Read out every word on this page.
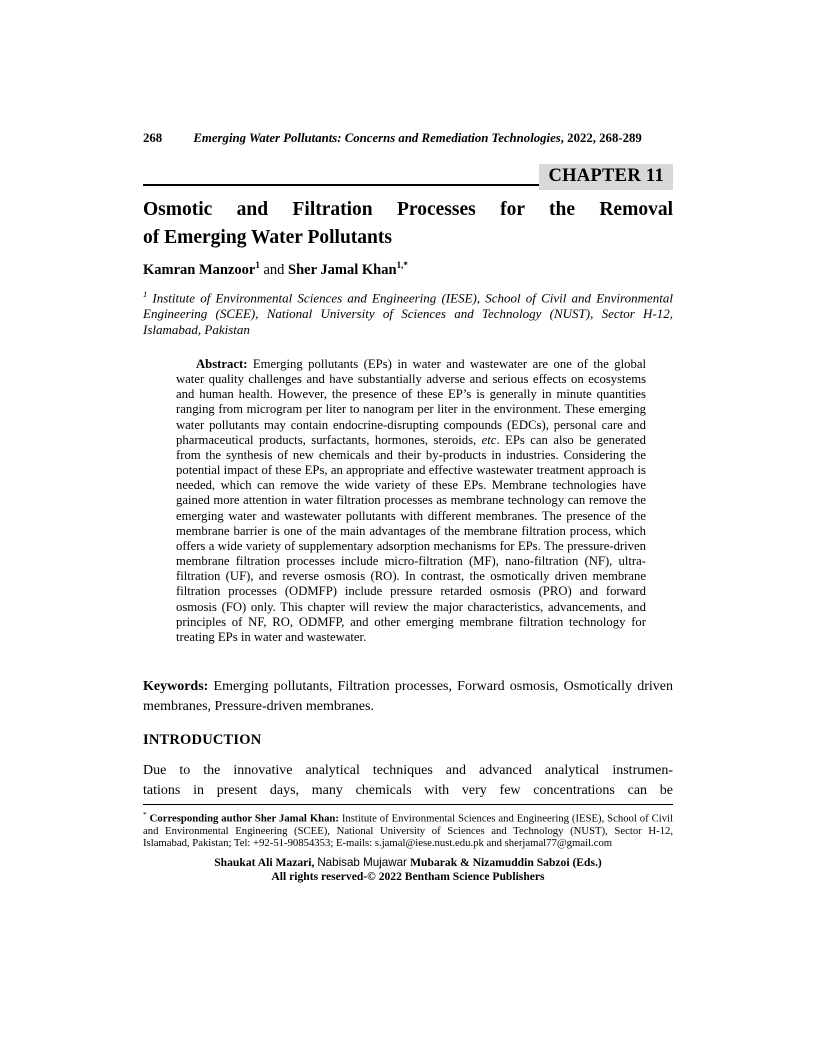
268	Emerging Water Pollutants: Concerns and Remediation Technologies, 2022, 268-289
CHAPTER 11
Osmotic and Filtration Processes for the Removal
of Emerging Water Pollutants
Kamran Manzoor$^1$ and Sher Jamal Khan$^{1,*}$
$^1$ Institute of Environmental Sciences and Engineering (IESE), School of Civil and Environmental Engineering (SCEE), National University of Sciences and Technology (NUST), Sector H-12, Islamabad, Pakistan
Abstract: Emerging pollutants (EPs) in water and wastewater are one of the global water quality challenges and have substantially adverse and serious effects on ecosystems and human health. However, the presence of these EP’s is generally in minute quantities ranging from microgram per liter to nanogram per liter in the environment. These emerging water pollutants may contain endocrine-disrupting compounds (EDCs), personal care and pharmaceutical products, surfactants, hormones, steroids, etc. EPs can also be generated from the synthesis of new chemicals and their by-products in industries. Considering the potential impact of these EPs, an appropriate and effective wastewater treatment approach is needed, which can remove the wide variety of these EPs. Membrane technologies have gained more attention in water filtration processes as membrane technology can remove the emerging water and wastewater pollutants with different membranes. The presence of the membrane barrier is one of the main advantages of the membrane filtration process, which offers a wide variety of supplementary adsorption mechanisms for EPs. The pressure-driven membrane filtration processes include micro-filtration (MF), nano-filtration (NF), ultra-filtration (UF), and reverse osmosis (RO). In contrast, the osmotically driven membrane filtration processes (ODMFP) include pressure retarded osmosis (PRO) and forward osmosis (FO) only. This chapter will review the major characteristics, advancements, and principles of NF, RO, ODMFP, and other emerging membrane filtration technology for treating EPs in water and wastewater.
Keywords: Emerging pollutants, Filtration processes, Forward osmosis, Osmotically driven membranes, Pressure-driven membranes.
INTRODUCTION
Due to the innovative analytical techniques and advanced analytical instrumen-
tations in present days, many chemicals with very few concentrations can be
* Corresponding author Sher Jamal Khan: Institute of Environmental Sciences and Engineering (IESE), School of Civil and Environmental Engineering (SCEE), National University of Sciences and Technology (NUST), Sector H-12, Islamabad, Pakistan; Tel: +92-51-90854353; E-mails: s.jamal@iese.nust.edu.pk and sherjamal77@gmail.com
Shaukat Ali Mazari, Nabisab Mujawar Mubarak & Nizamuddin Sabzoi (Eds.)
All rights reserved-© 2022 Bentham Science Publishers
